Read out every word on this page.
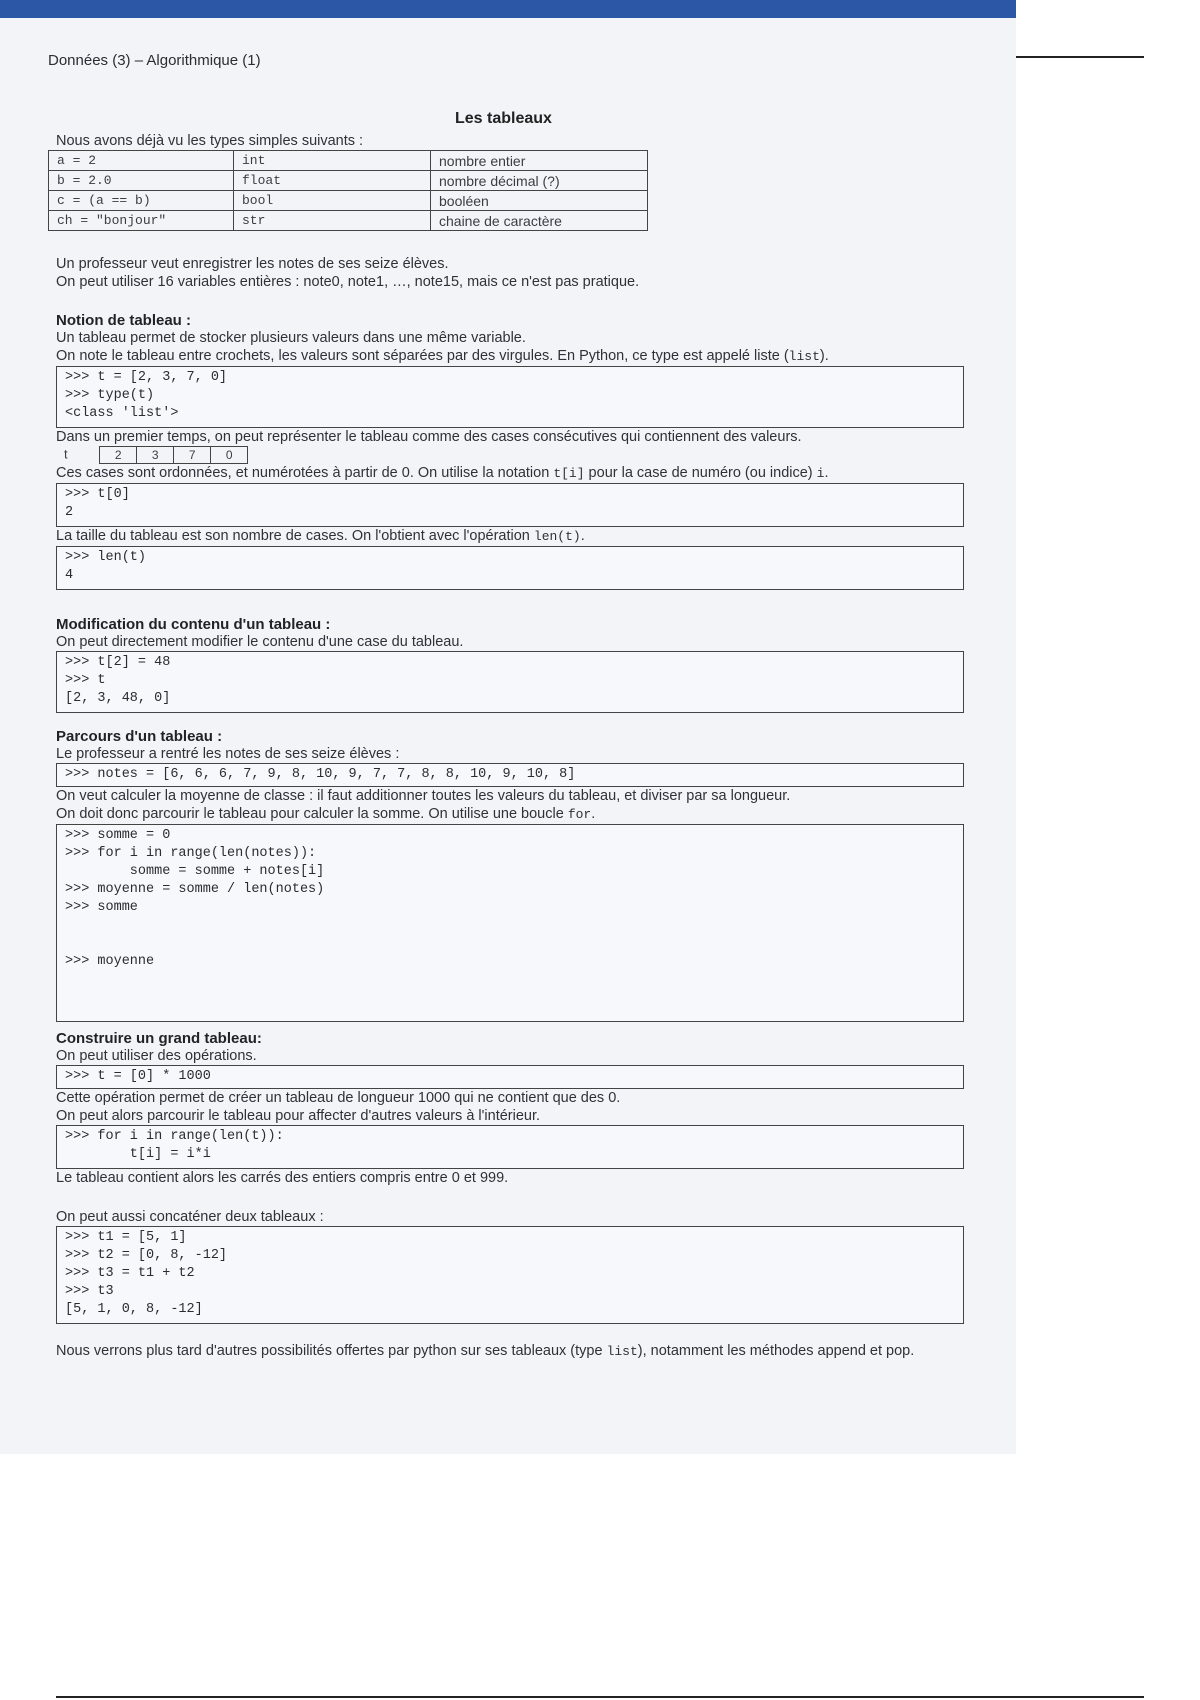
Données (3) – Algorithmique (1)
Les tableaux

Nous avons déjà vu les types simples suivants :

a = 2	int	nombre entier
b = 2.0	float	nombre décimal (?)
c = (a == b)	bool	booléen
ch = "bonjour"	str	chaine de caractère

Un professeur veut enregistrer les notes de ses seize élèves.

On peut utiliser 16 variables entières : note0, note1, …, note15, mais ce n'est pas pratique.

Notion de tableau :

Un tableau permet de stocker plusieurs valeurs dans une même variable.

On note le tableau entre crochets, les valeurs sont séparées par des virgules. En Python, ce type est appelé liste (list).

>>> t = [2, 3, 7, 0]
>>> type(t)
<class 'list'>

Dans un premier temps, on peut représenter le tableau comme des cases consécutives qui contiennent des valeurs.

t	2	3	7	0

Ces cases sont ordonnées, et numérotées à partir de 0. On utilise la notation t[i] pour la case de numéro (ou indice) i.

>>> t[0]
2

La taille du tableau est son nombre de cases. On l'obtient avec l'opération len(t).

>>> len(t)
4

Modification du contenu d'un tableau :

On peut directement modifier le contenu d'une case du tableau.

>>> t[2] = 48
>>> t
[2, 3, 48, 0]

Parcours d'un tableau :

Le professeur a rentré les notes de ses seize élèves :

>>> notes = [6, 6, 6, 7, 9, 8, 10, 9, 7, 7, 8, 8, 10, 9, 10, 8]

On veut calculer la moyenne de classe : il faut additionner toutes les valeurs du tableau, et diviser par sa longueur.

On doit donc parcourir le tableau pour calculer la somme. On utilise une boucle for.

>>> somme = 0
>>> for i in range(len(notes)):
somme = somme + notes[i]
>>> moyenne = somme / len(notes)
>>> somme

>>> moyenne

Construire un grand tableau:

On peut utiliser des opérations.

>>> t = [0] * 1000

Cette opération permet de créer un tableau de longueur 1000 qui ne contient que des 0.

On peut alors parcourir le tableau pour affecter d'autres valeurs à l'intérieur.

>>> for i in range(len(t)):
t[i] = i*i

Le tableau contient alors les carrés des entiers compris entre 0 et 999.

On peut aussi concaténer deux tableaux :

>>> t1 = [5, 1]
>>> t2 = [0, 8, -12]
>>> t3 = t1 + t2
>>> t3
[5, 1, 0, 8, -12]

Nous verrons plus tard d'autres possibilités offertes par python sur ses tableaux (type list), notamment les méthodes append et pop.
